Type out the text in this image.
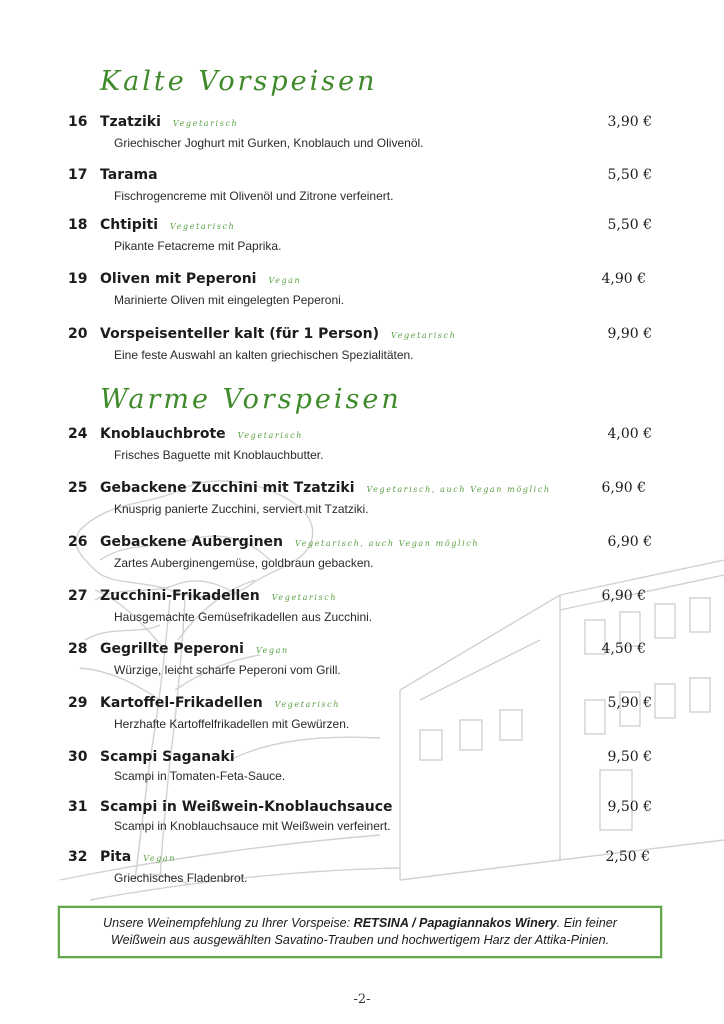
Kalte Vorspeisen
16 Tzatziki Vegetarisch	3,90 €
Griechischer Joghurt mit Gurken, Knoblauch und Olivenöl.
17 Tarama	5,50 €
Fischrogencreme mit Olivenöl und Zitrone verfeinert.
18 Chtipiti Vegetarisch	5,50 €
Pikante Fetacreme mit Paprika.
19 Oliven mit Peperoni Vegan	4,90 €
Marinierte Oliven mit eingelegten Peperoni.
20 Vorspeisenteller kalt (für 1 Person) Vegetarisch	9,90 €
Eine feste Auswahl an kalten griechischen Spezialitäten.
Warme Vorspeisen
24 Knoblauchbrote Vegetarisch	4,00 €
Frisches Baguette mit Knoblauchbutter.
25 Gebackene Zucchini mit Tzatziki Vegetarisch, auch Vegan möglich	6,90 €
Knusprig panierte Zucchini, serviert mit Tzatziki.
26 Gebackene Auberginen Vegetarisch, auch Vegan möglich	6,90 €
Zartes Auberginengemüse, goldbraun gebacken.
27 Zucchini-Frikadellen Vegetarisch	6,90 €
Hausgemachte Gemüsefrikadellen aus Zucchini.
28 Gegrillte Peperoni Vegan	4,50 €
Würzige, leicht scharfe Peperoni vom Grill.
29 Kartoffel-Frikadellen Vegetarisch	5,90 €
Herzhafte Kartoffelfrikadellen mit Gewürzen.
30 Scampi Saganaki	9,50 €
Scampi in Tomaten-Feta-Sauce.
31 Scampi in Weißwein-Knoblauchsauce	9,50 €
Scampi in Knoblauchsauce mit Weißwein verfeinert.
32 Pita Vegan	2,50 €
Griechisches Fladenbrot.
Unsere Weinempfehlung zu Ihrer Vorspeise: RETSINA / Papagiannakos Winery. Ein feiner
Weißwein aus ausgewählten Savatino-Trauben und hochwertigem Harz der Attika-Pinien.
-2-
